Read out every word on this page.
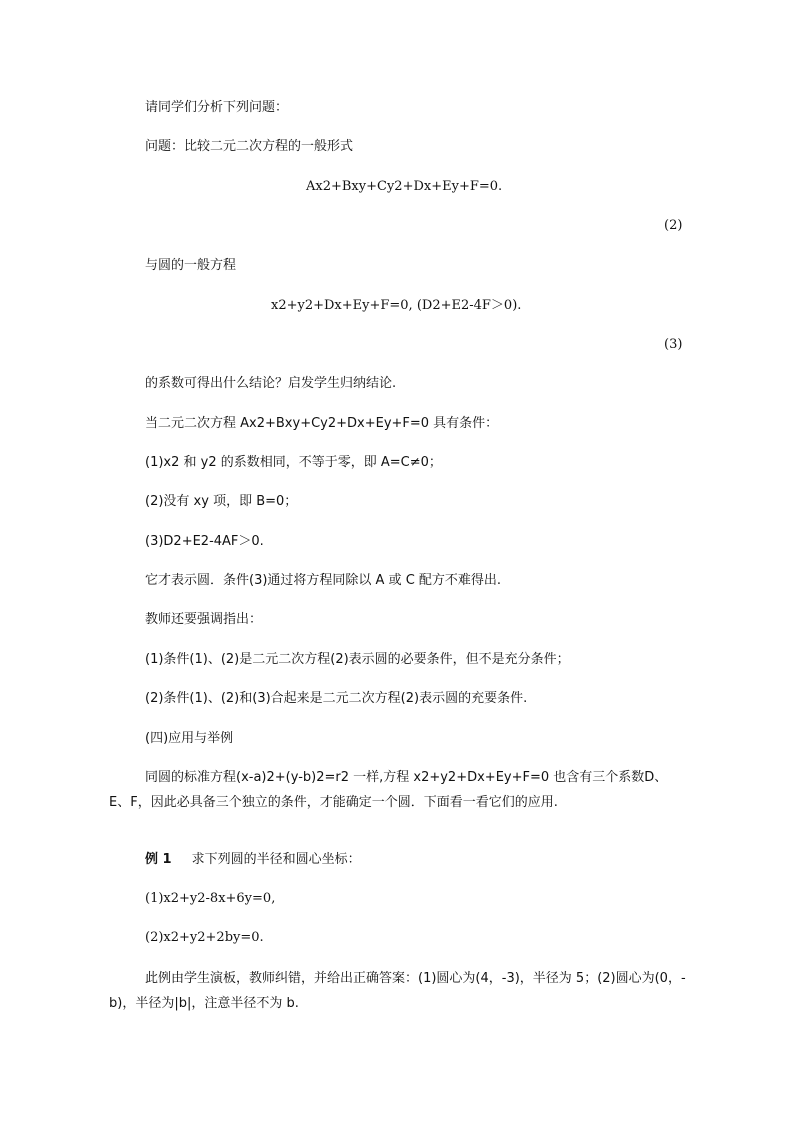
请同学们分析下列问题：
问题：比较二元二次方程的一般形式
Ax2+Bxy+Cy2+Dx+Ey+F=0.
(2)
与圆的一般方程
x2+y2+Dx+Ey+F=0, (D2+E2-4F＞0).
(3)
的系数可得出什么结论？启发学生归纳结论.
当二元二次方程 Ax2+Bxy+Cy2+Dx+Ey+F=0 具有条件：
(1)x2 和 y2 的系数相同，不等于零，即 A=C≠0；
(2)没有 xy 项，即 B=0；
(3)D2+E2-4AF＞0.
它才表示圆．条件(3)通过将方程同除以 A 或 C 配方不难得出.
教师还要强调指出：
(1)条件(1)、(2)是二元二次方程(2)表示圆的必要条件，但不是充分条件；
(2)条件(1)、(2)和(3)合起来是二元二次方程(2)表示圆的充要条件.
(四)应用与举例
同圆的标准方程(x-a)2+(y-b)2=r2 一样,方程 x2+y2+Dx+Ey+F=0 也含有三个系数D、E、F，因此必具备三个独立的条件，才能确定一个圆．下面看一看它们的应用.
例 1 求下列圆的半径和圆心坐标：
(1)x2+y2-8x+6y=0,
(2)x2+y2+2by=0.
此例由学生演板，教师纠错，并给出正确答案：(1)圆心为(4，-3)，半径为 5；(2)圆心为(0，-b)，半径为|b|，注意半径不为 b.
